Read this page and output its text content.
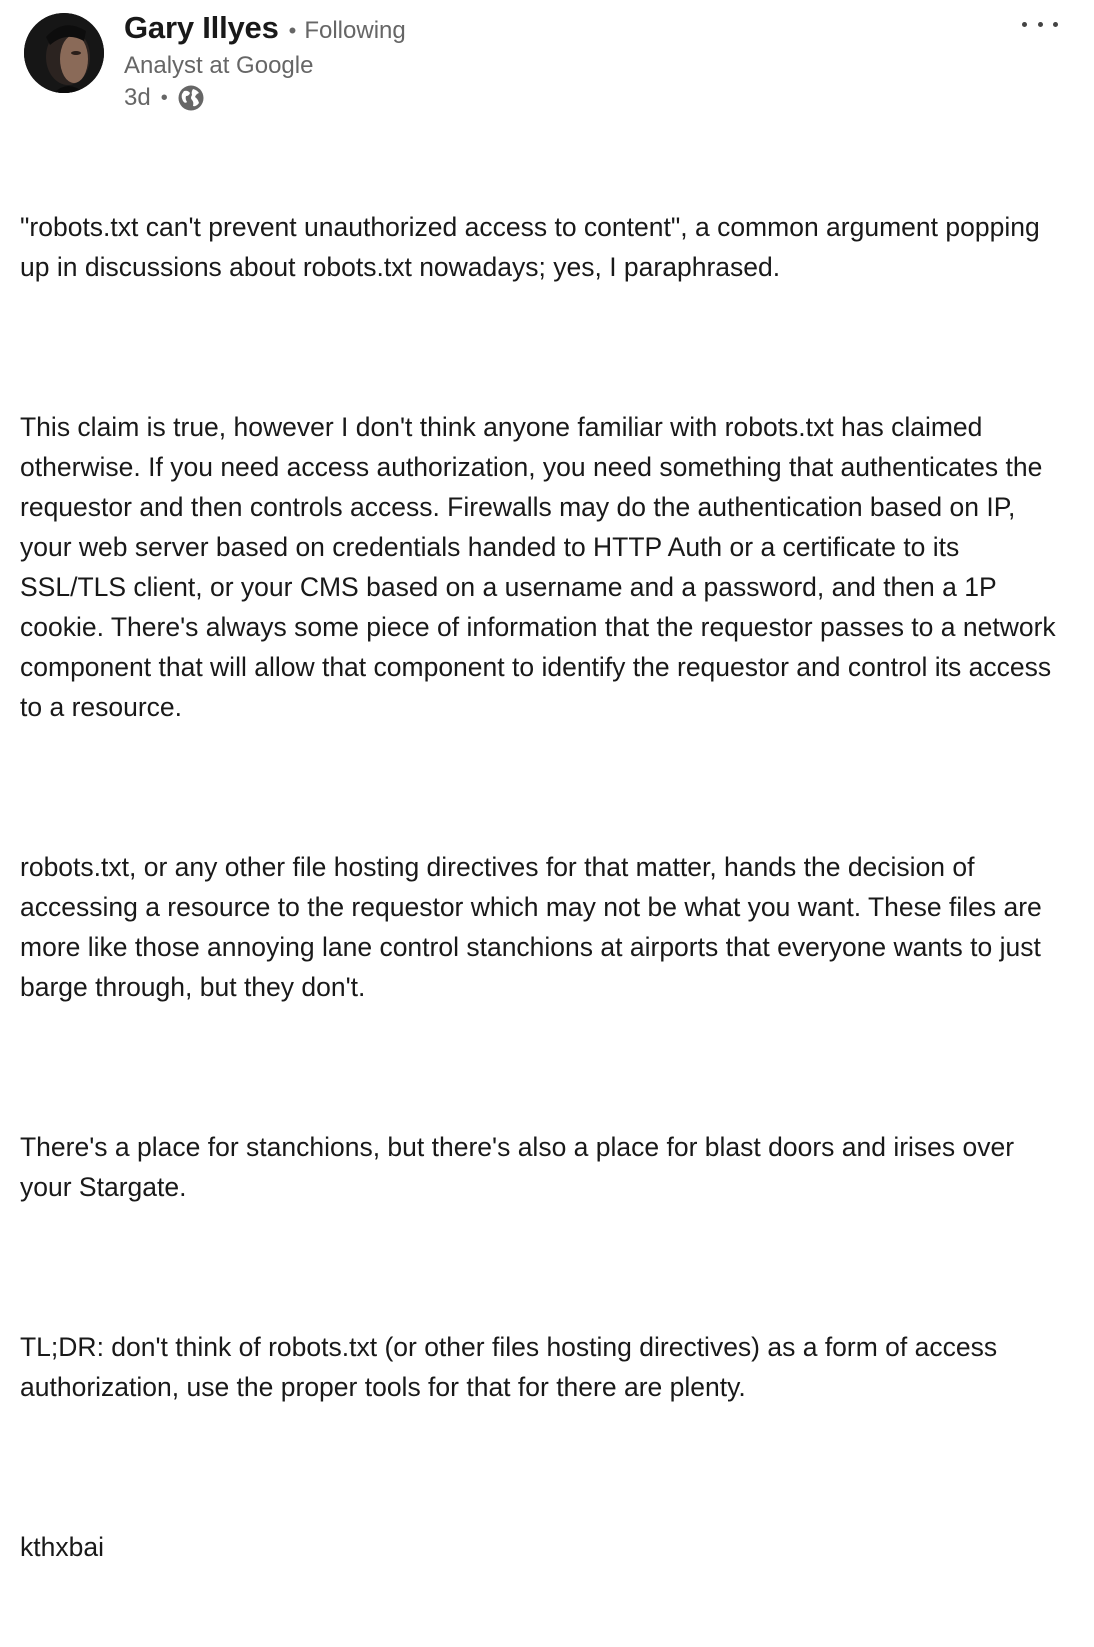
Gary Illyes • Following
Analyst at Google
3d •

"robots.txt can't prevent unauthorized access to content", a common argument popping up in discussions about robots.txt nowadays; yes, I paraphrased.

This claim is true, however I don't think anyone familiar with robots.txt has claimed otherwise. If you need access authorization, you need something that authenticates the requestor and then controls access. Firewalls may do the authentication based on IP, your web server based on credentials handed to HTTP Auth or a certificate to its SSL/TLS client, or your CMS based on a username and a password, and then a 1P cookie. There's always some piece of information that the requestor passes to a network component that will allow that component to identify the requestor and control its access to a resource.

robots.txt, or any other file hosting directives for that matter, hands the decision of accessing a resource to the requestor which may not be what you want. These files are more like those annoying lane control stanchions at airports that everyone wants to just barge through, but they don't.

There's a place for stanchions, but there's also a place for blast doors and irises over your Stargate.

TL;DR: don't think of robots.txt (or other files hosting directives) as a form of access authorization, use the proper tools for that for there are plenty.

kthxbai
